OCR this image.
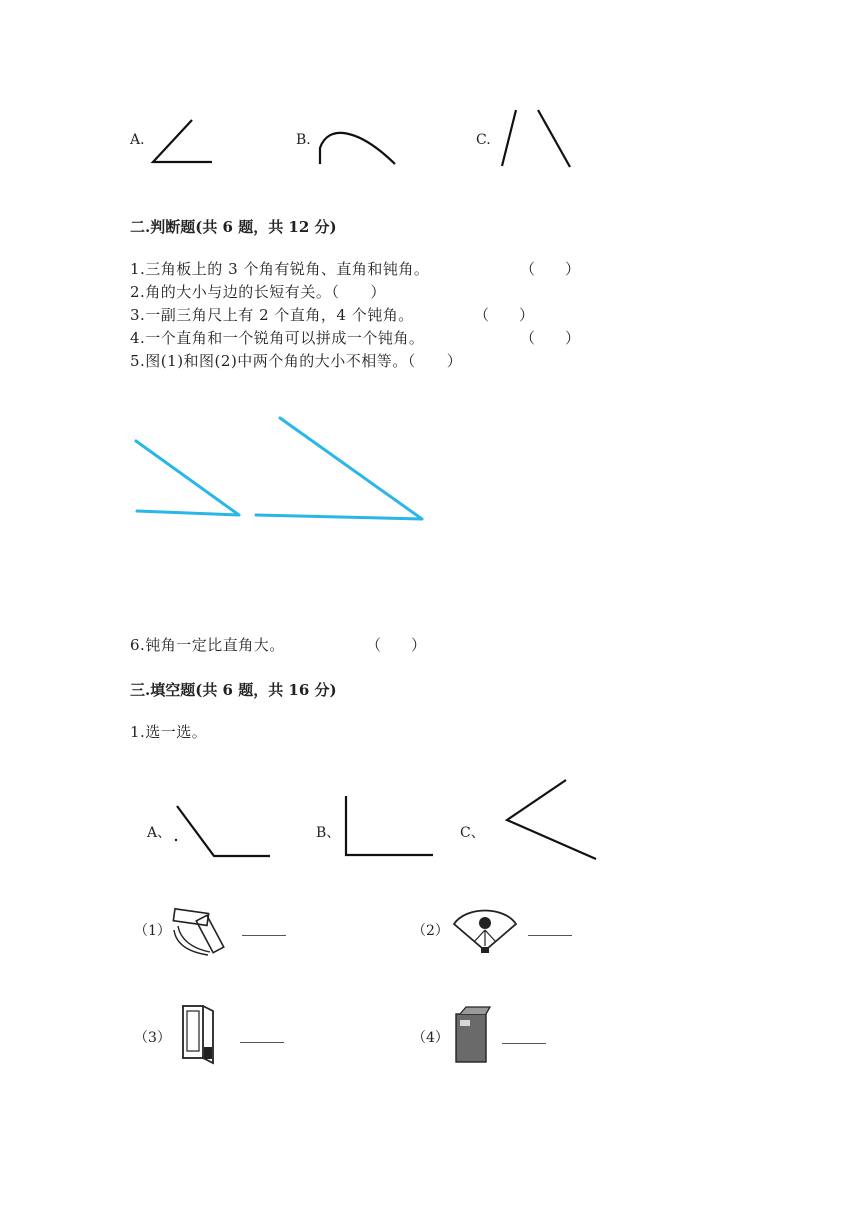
A.	B.	C.
二.判断题(共 6 题，共 12 分)
1.三角板上的 3 个角有锐角、直角和钝角。	（　　）
2.角的大小与边的长短有关。（　　）
3.一副三角尺上有 2 个直角，4 个钝角。	（　　）
4.一个直角和一个锐角可以拼成一个钝角。	（　　）
5.图(1)和图(2)中两个角的大小不相等。（　　）
6.钝角一定比直角大。	（　　）
三.填空题(共 6 题，共 16 分)
1.选一选。
A、	B、	C、
（1）	（2）
（3）	（4）
